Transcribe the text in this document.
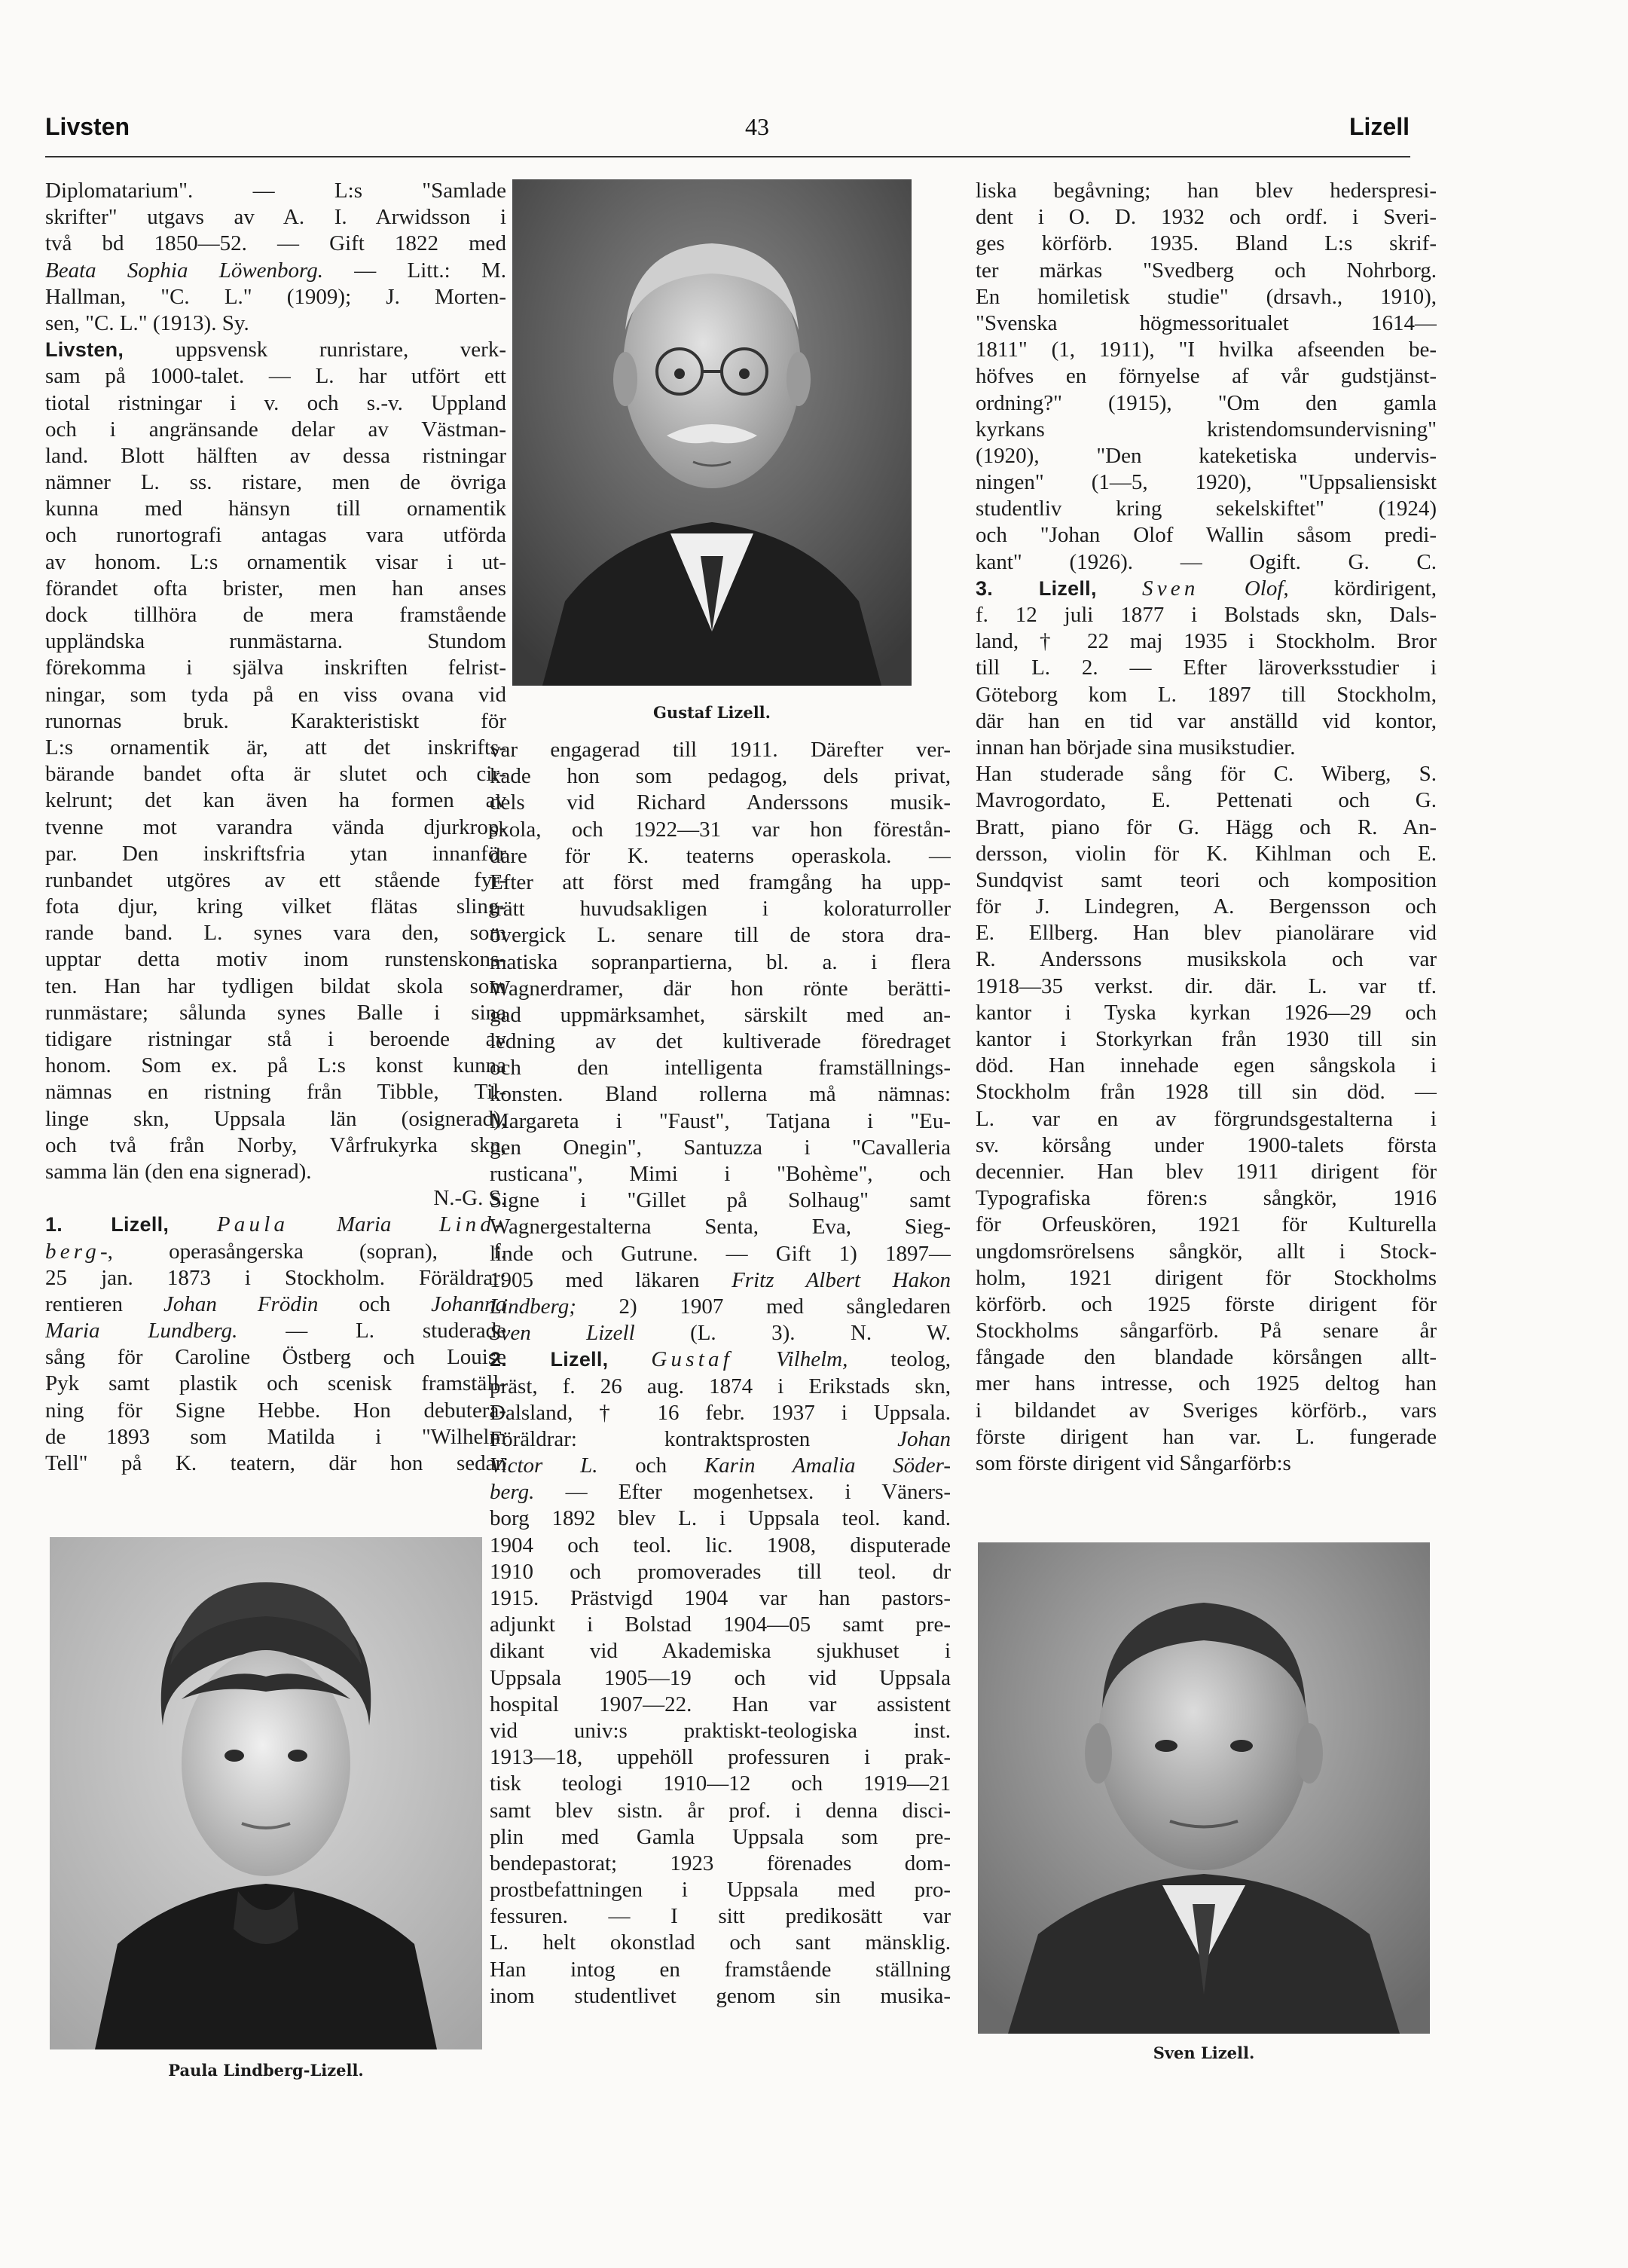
Livsten	43	Lizell
Diplomatarium". — L:s "Samlade
skrifter" utgavs av A. I. Arwidsson i
två bd 1850—52. — Gift 1822 med
Beata Sophia Löwenborg. — Litt.: M.
Hallman, "C. L." (1909); J. Morten-
sen, "C. L." (1913). Sy.
Livsten, uppsvensk runristare, verk-
sam på 1000-talet. — L. har utfört ett
tiotal ristningar i v. och s.-v. Uppland
och i angränsande delar av Västman-
land. Blott hälften av dessa ristningar
nämner L. ss. ristare, men de övriga
kunna med hänsyn till ornamentik
och runortografi antagas vara utförda
av honom. L:s ornamentik visar i ut-
förandet ofta brister, men han anses
dock tillhöra de mera framstående
uppländska runmästarna. Stundom
förekomma i själva inskriften felrist-
ningar, som tyda på en viss ovana vid
runornas bruk. Karakteristiskt för
L:s ornamentik är, att det inskrifts-
bärande bandet ofta är slutet och cir-
kelrunt; det kan även ha formen av
tvenne mot varandra vända djurkrop-
par. Den inskriftsfria ytan innanför
runbandet utgöres av ett stående fyr-
fota djur, kring vilket flätas sling-
rande band. L. synes vara den, som
upptar detta motiv inom runstenskons-
ten. Han har tydligen bildat skola som
runmästare; sålunda synes Balle i sina
tidigare ristningar stå i beroende av
honom. Som ex. på L:s konst kunna
nämnas en ristning från Tibble, Til-
linge skn, Uppsala län (osignerad),
och två från Norby, Vårfrukyrka skn,
samma län (den ena signerad).
N.-G. S.
1. Lizell, Paula Maria Lind-
berg-, operasångerska (sopran), f.
25 jan. 1873 i Stockholm. Föräldrar:
rentieren Johan Frödin och Johanna
Maria Lundberg. — L. studerade
sång för Caroline Östberg och Louise
Pyk samt plastik och scenisk framställ-
ning för Signe Hebbe. Hon debutera-
de 1893 som Matilda i "Wilhelm
Tell" på K. teatern, där hon sedan
var engagerad till 1911. Därefter ver-
kade hon som pedagog, dels privat,
dels vid Richard Anderssons musik-
skola, och 1922—31 var hon förestån-
dare för K. teaterns operaskola. —
Efter att först med framgång ha upp-
trätt huvudsakligen i koloraturroller
övergick L. senare till de stora dra-
matiska sopranpartierna, bl. a. i flera
Wagnerdramer, där hon rönte berätti-
gad uppmärksamhet, särskilt med an-
ledning av det kultiverade föredraget
och den intelligenta framställnings-
konsten. Bland rollerna må nämnas:
Margareta i "Faust", Tatjana i "Eu-
gen Onegin", Santuzza i "Cavalleria
rusticana", Mimi i "Bohème", och
Signe i "Gillet på Solhaug" samt
Wagnergestalterna Senta, Eva, Sieg-
linde och Gutrune. — Gift 1) 1897—
1905 med läkaren Fritz Albert Hakon
Lindberg; 2) 1907 med sångledaren
Sven Lizell (L. 3). N. W.
2. Lizell, Gustaf Vilhelm, teolog,
präst, f. 26 aug. 1874 i Erikstads skn,
Dalsland, † 16 febr. 1937 i Uppsala.
Föräldrar: kontraktsprosten Johan
Victor L. och Karin Amalia Söder-
berg. — Efter mogenhetsex. i Väners-
borg 1892 blev L. i Uppsala teol. kand.
1904 och teol. lic. 1908, disputerade
1910 och promoverades till teol. dr
1915. Prästvigd 1904 var han pastors-
adjunkt i Bolstad 1904—05 samt pre-
dikant vid Akademiska sjukhuset i
Uppsala 1905—19 och vid Uppsala
hospital 1907—22. Han var assistent
vid univ:s praktiskt-teologiska inst.
1913—18, uppehöll professuren i prak-
tisk teologi 1910—12 och 1919—21
samt blev sistn. år prof. i denna disci-
plin med Gamla Uppsala som pre-
bendepastorat; 1923 förenades dom-
prostbefattningen i Uppsala med pro-
fessuren. — I sitt predikosätt var
L. helt okonstlad och sant mänsklig.
Han intog en framstående ställning
inom studentlivet genom sin musika-
liska begåvning; han blev hederspresi-
dent i O. D. 1932 och ordf. i Sveri-
ges körförb. 1935. Bland L:s skrif-
ter märkas "Svedberg och Nohrborg.
En homiletisk studie" (drsavh., 1910),
"Svenska högmessoritualet 1614—
1811" (1, 1911), "I hvilka afseenden be-
höfves en förnyelse af vår gudstjänst-
ordning?" (1915), "Om den gamla
kyrkans kristendomsundervisning"
(1920), "Den kateketiska undervis-
ningen" (1—5, 1920), "Uppsaliensiskt
studentliv kring sekelskiftet" (1924)
och "Johan Olof Wallin såsom predi-
kant" (1926). — Ogift. G. C.
3. Lizell, Sven Olof, kördirigent,
f. 12 juli 1877 i Bolstads skn, Dals-
land, † 22 maj 1935 i Stockholm. Bror
till L. 2. — Efter läroverksstudier i
Göteborg kom L. 1897 till Stockholm,
där han en tid var anställd vid kontor,
innan han började sina musikstudier.
Han studerade sång för C. Wiberg, S.
Mavrogordato, E. Pettenati och G.
Bratt, piano för G. Hägg och R. An-
dersson, violin för K. Kihlman och E.
Sundqvist samt teori och komposition
för J. Lindegren, A. Bergensson och
E. Ellberg. Han blev pianolärare vid
R. Anderssons musikskola och var
1918—35 verkst. dir. där. L. var tf.
kantor i Tyska kyrkan 1926—29 och
kantor i Storkyrkan från 1930 till sin
död. Han innehade egen sångskola i
Stockholm från 1928 till sin död. —
L. var en av förgrundsgestalterna i
sv. körsång under 1900-talets första
decennier. Han blev 1911 dirigent för
Typografiska fören:s sångkör, 1916
för Orfeuskören, 1921 för Kulturella
ungdomsrörelsens sångkör, allt i Stock-
holm, 1921 dirigent för Stockholms
körförb. och 1925 förste dirigent för
Stockholms sångarförb. På senare år
fångade den blandade körsången allt-
mer hans intresse, och 1925 deltog han
i bildandet av Sveriges körförb., vars
förste dirigent han var. L. fungerade
som förste dirigent vid Sångarförb:s
Gustaf Lizell.
Paula Lindberg-Lizell.
Sven Lizell.
